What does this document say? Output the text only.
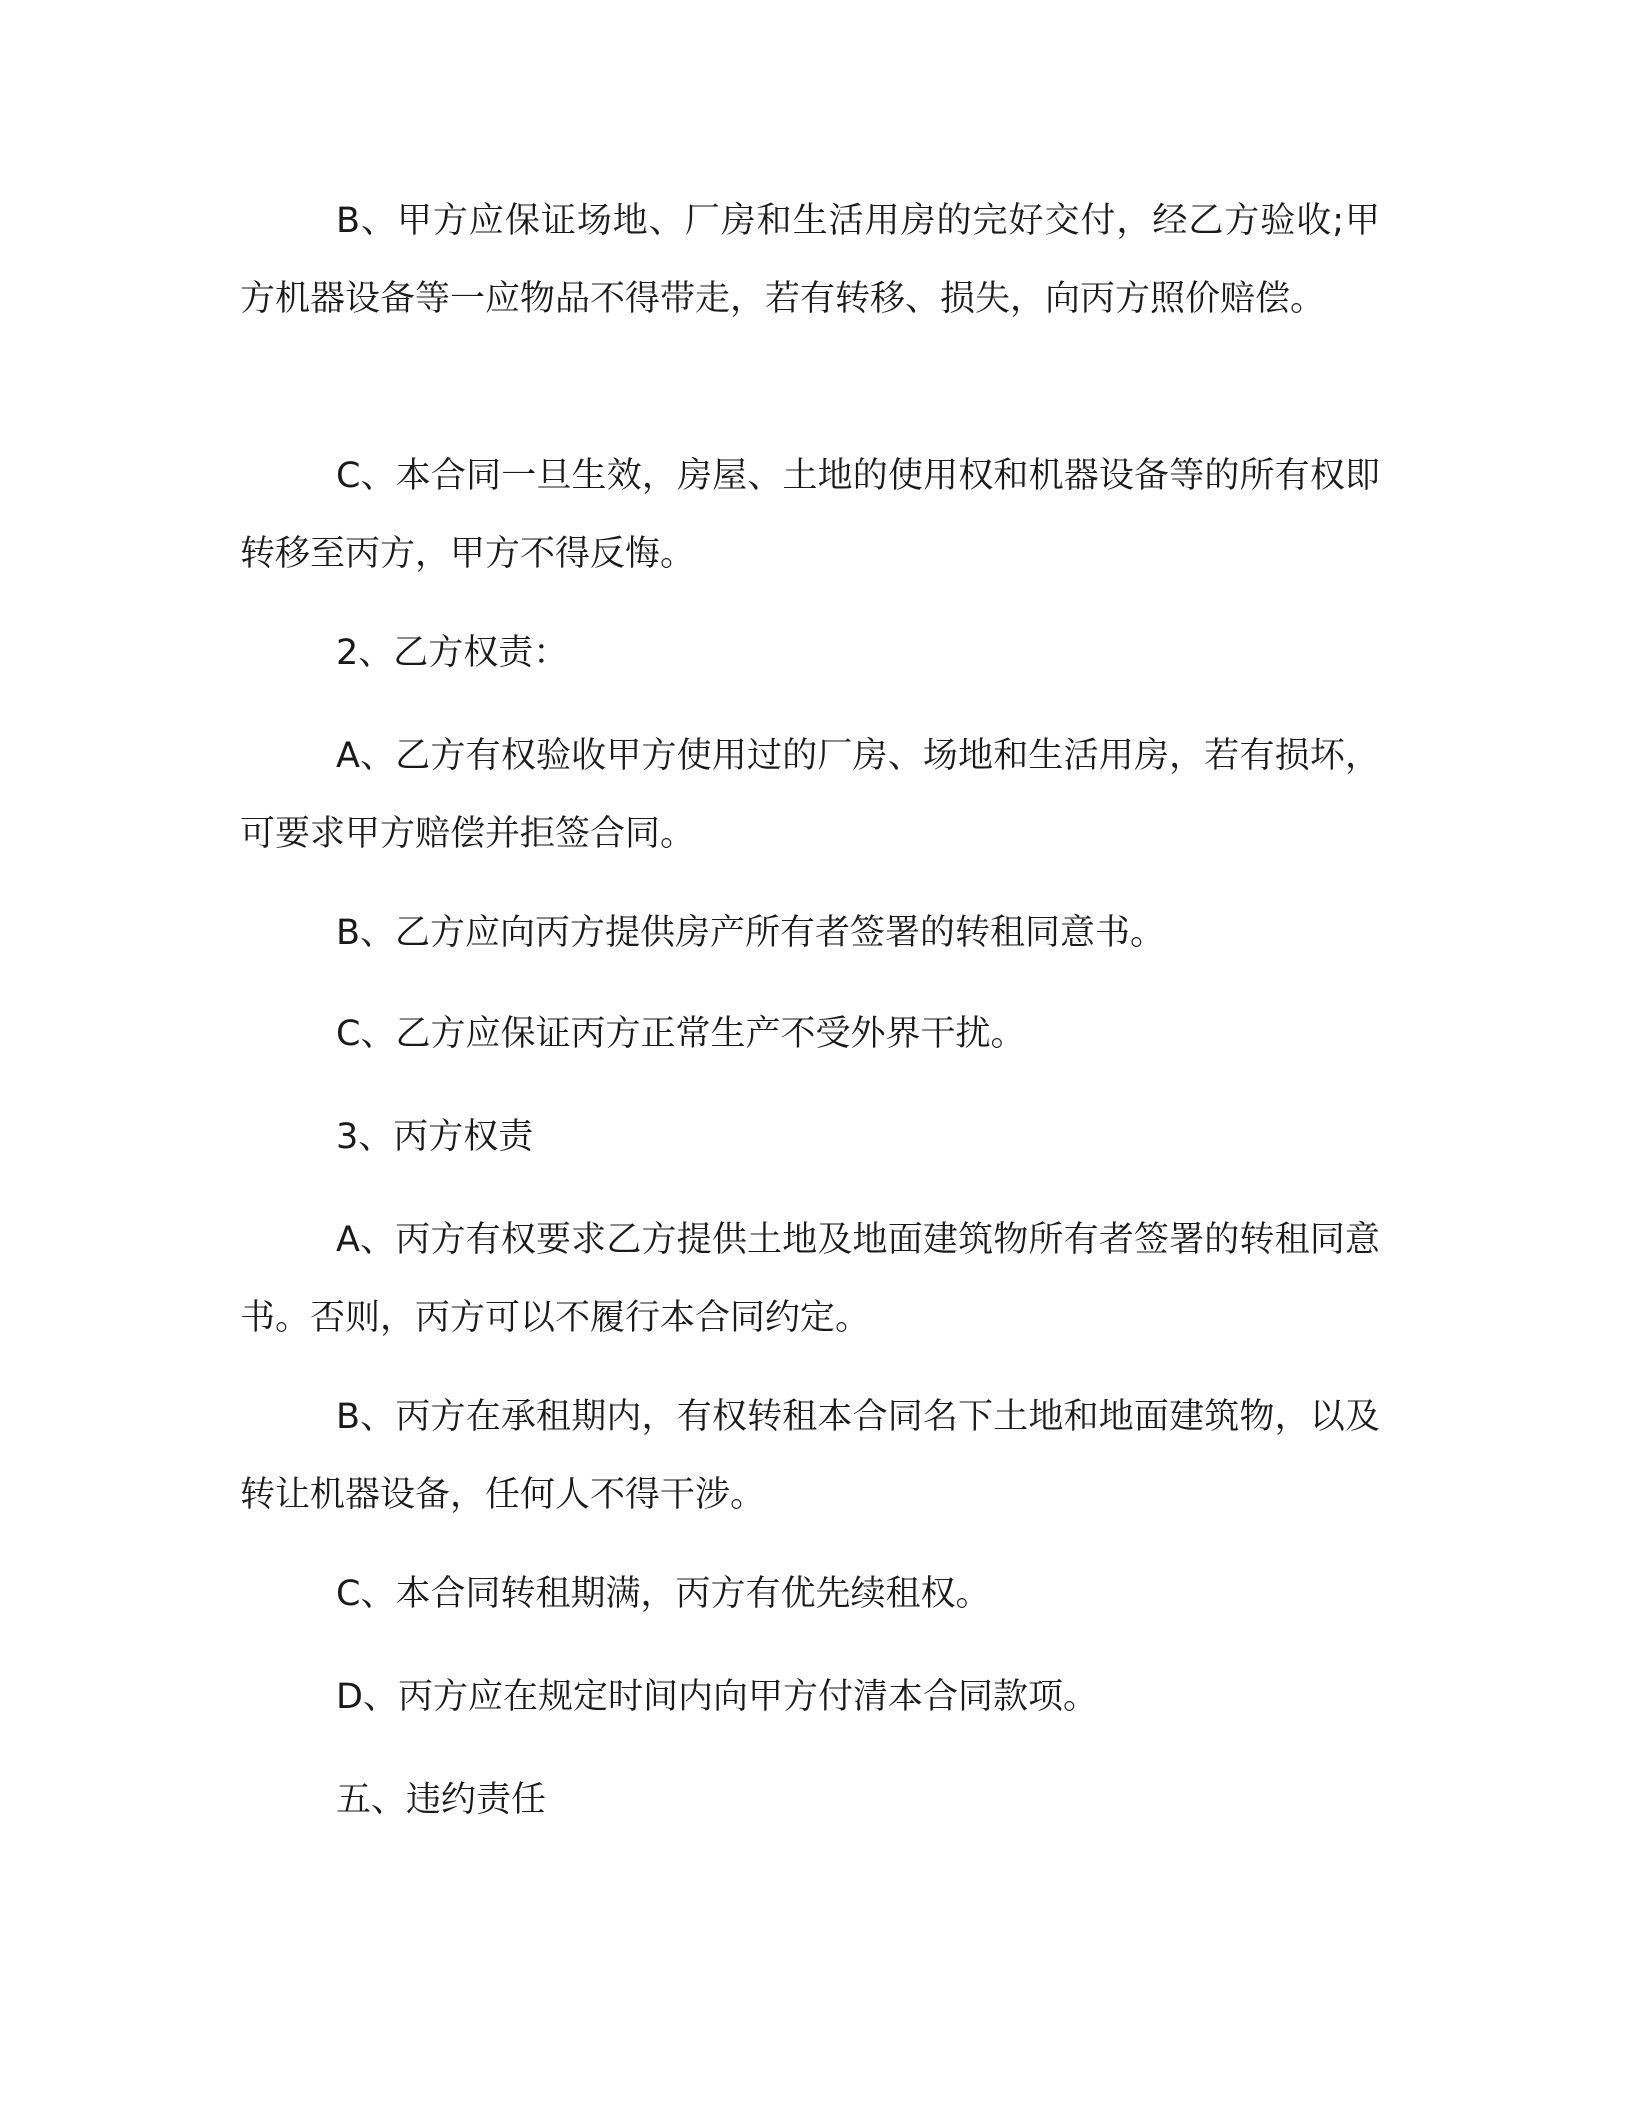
B、甲方应保证场地、厂房和生活用房的完好交付，经乙方验收;甲方机器设备等一应物品不得带走，若有转移、损失，向丙方照价赔偿。

C、本合同一旦生效，房屋、土地的使用权和机器设备等的所有权即转移至丙方，甲方不得反悔。

2、乙方权责：

A、乙方有权验收甲方使用过的厂房、场地和生活用房，若有损坏，可要求甲方赔偿并拒签合同。

B、乙方应向丙方提供房产所有者签署的转租同意书。

C、乙方应保证丙方正常生产不受外界干扰。

3、丙方权责

A、丙方有权要求乙方提供土地及地面建筑物所有者签署的转租同意书。否则，丙方可以不履行本合同约定。

B、丙方在承租期内，有权转租本合同名下土地和地面建筑物，以及转让机器设备，任何人不得干涉。

C、本合同转租期满，丙方有优先续租权。

D、丙方应在规定时间内向甲方付清本合同款项。

五、违约责任
